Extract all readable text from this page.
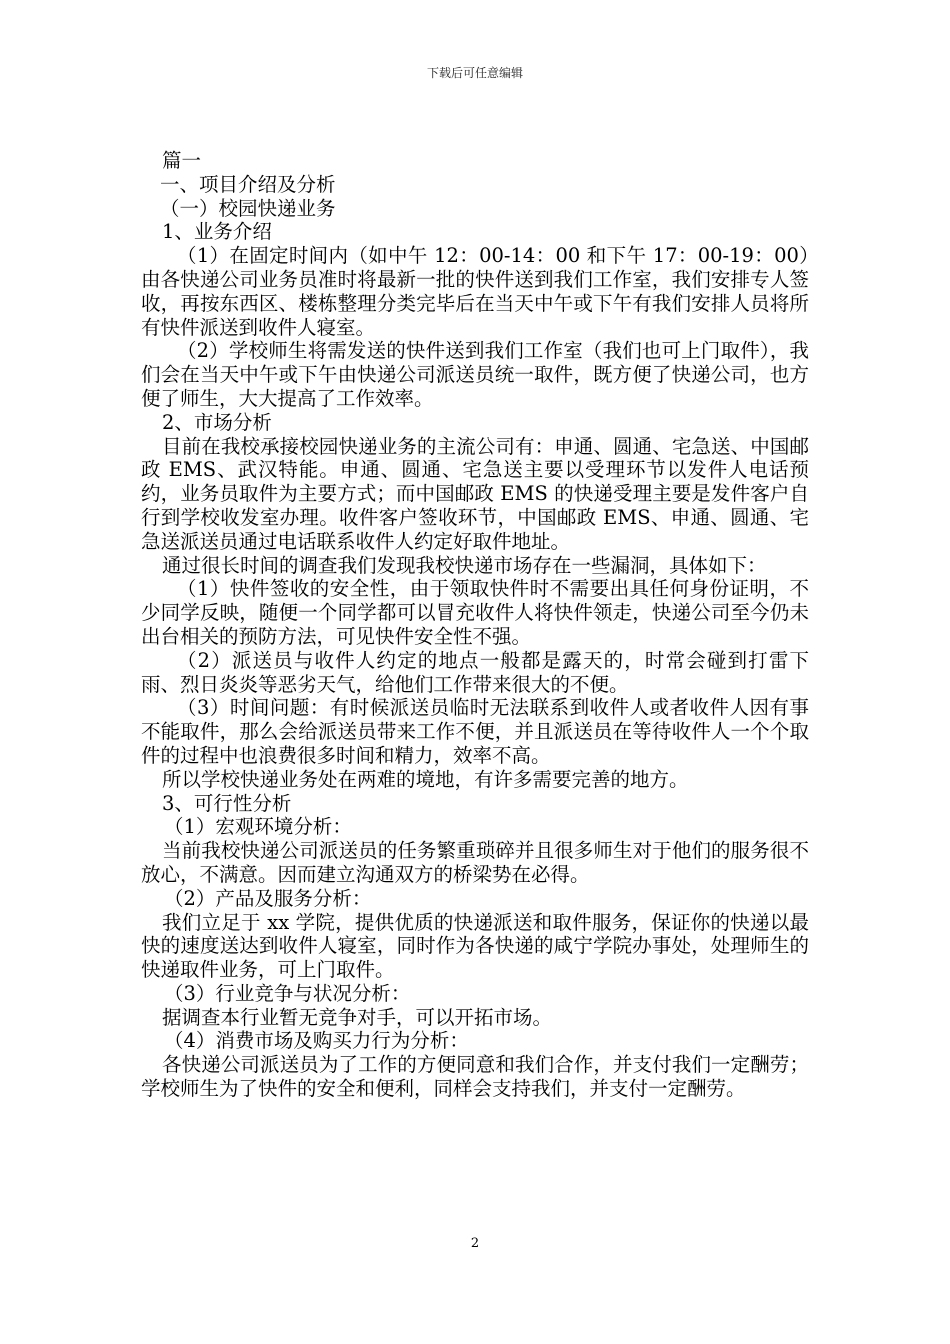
下载后可任意编辑

篇一

一、项目介绍及分析

（一）校园快递业务

1、业务介绍

（1）在固定时间内（如中午 12：00-14：00 和下午 17：00-19：00）由各快递公司业务员准时将最新一批的快件送到我们工作室，我们安排专人签收，再按东西区、楼栋整理分类完毕后在当天中午或下午有我们安排人员将所有快件派送到收件人寝室。

（2）学校师生将需发送的快件送到我们工作室（我们也可上门取件），我们会在当天中午或下午由快递公司派送员统一取件，既方便了快递公司，也方便了师生，大大提高了工作效率。

2、市场分析

目前在我校承接校园快递业务的主流公司有：申通、圆通、宅急送、中国邮政 EMS、武汉特能。申通、圆通、宅急送主要以受理环节以发件人电话预约，业务员取件为主要方式；而中国邮政 EMS 的快递受理主要是发件客户自行到学校收发室办理。收件客户签收环节，中国邮政 EMS、申通、圆通、宅急送派送员通过电话联系收件人约定好取件地址。

通过很长时间的调查我们发现我校快递市场存在一些漏洞，具体如下：

（1）快件签收的安全性，由于领取快件时不需要出具任何身份证明，不少同学反映，随便一个同学都可以冒充收件人将快件领走，快递公司至今仍未出台相关的预防方法，可见快件安全性不强。

（2）派送员与收件人约定的地点一般都是露天的，时常会碰到打雷下雨、烈日炎炎等恶劣天气，给他们工作带来很大的不便。

（3）时间问题：有时候派送员临时无法联系到收件人或者收件人因有事不能取件，那么会给派送员带来工作不便，并且派送员在等待收件人一个个取件的过程中也浪费很多时间和精力，效率不高。

所以学校快递业务处在两难的境地，有许多需要完善的地方。

3、可行性分析

（1）宏观环境分析：

当前我校快递公司派送员的任务繁重琐碎并且很多师生对于他们的服务很不放心，不满意。因而建立沟通双方的桥梁势在必得。

（2）产品及服务分析：

我们立足于 xx 学院，提供优质的快递派送和取件服务，保证你的快递以最快的速度送达到收件人寝室，同时作为各快递的咸宁学院办事处，处理师生的快递取件业务，可上门取件。

（3）行业竞争与状况分析：

据调查本行业暂无竞争对手，可以开拓市场。

（4）消费市场及购买力行为分析：

各快递公司派送员为了工作的方便同意和我们合作，并支付我们一定酬劳；学校师生为了快件的安全和便利，同样会支持我们，并支付一定酬劳。

2
